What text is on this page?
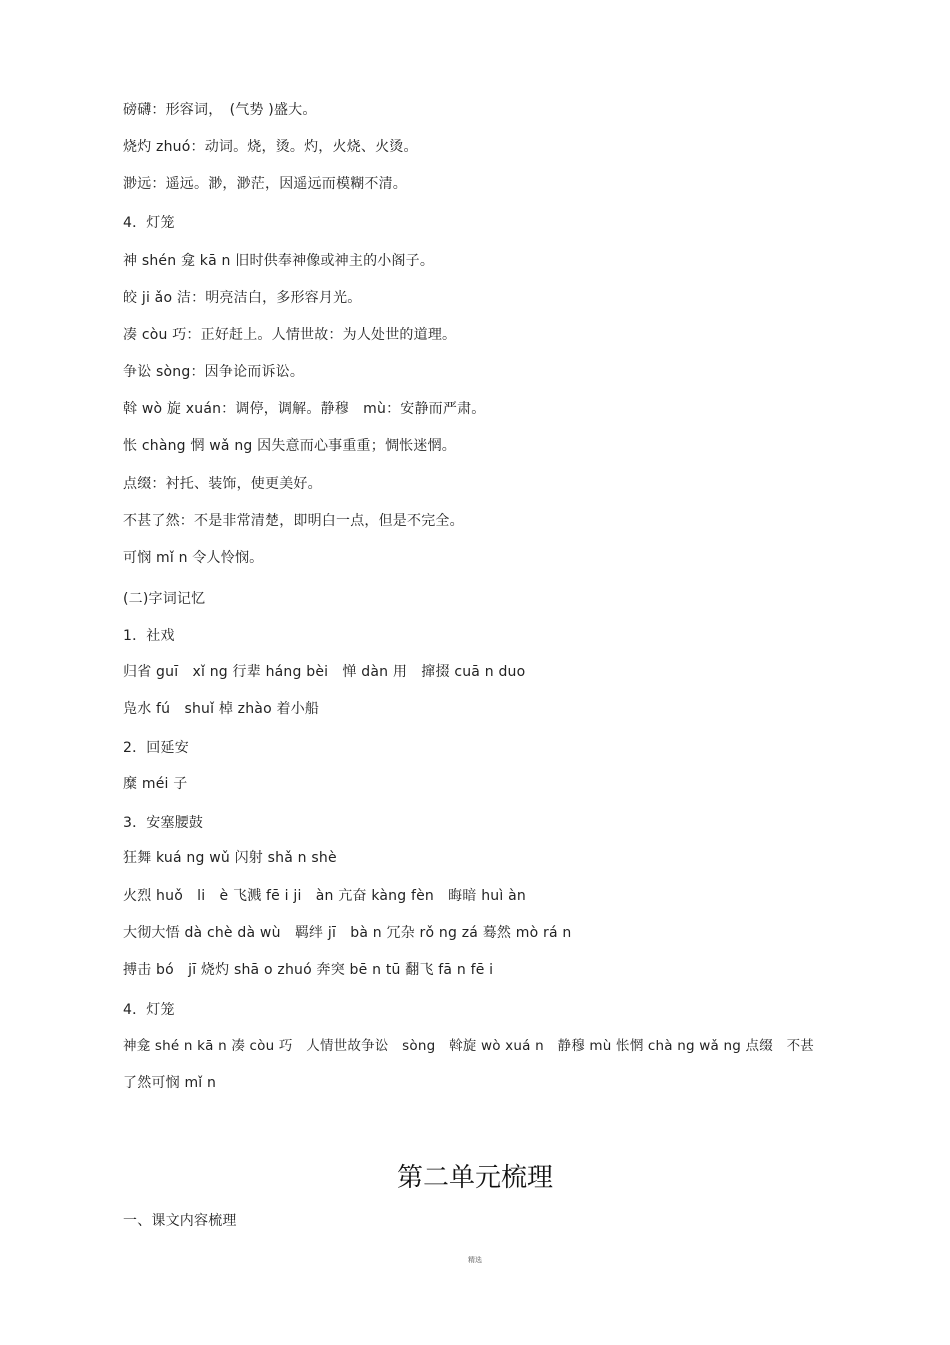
磅礴：形容词，　(气势 )盛大。
烧灼 zhuó：动词。烧，烫。灼，火烧、火烫。
渺远：遥远。渺，渺茫，因遥远而模糊不清。
4．灯笼
神 shén 龛 kā n 旧时供奉神像或神主的小阁子。
皎 ji ǎo 洁：明亮洁白，多形容月光。
凑 còu 巧：正好赶上。人情世故：为人处世的道理。
争讼 sòng：因争论而诉讼。
斡 wò 旋 xuán：调停，调解。静穆　mù：安静而严肃。
怅 chàng 惘 wǎ ng 因失意而心事重重；惆怅迷惘。
点缀：衬托、装饰，使更美好。
不甚了然：不是非常清楚，即明白一点，但是不完全。
可悯 mǐ n 令人怜悯。
(二)字词记忆
1．社戏
归省 guī　xǐ ng 行辈 háng bèi　惮 dàn 用　撺掇 cuā n duo
凫水 fú　shuǐ 棹 zhào 着小船
2．回延安
糜 méi 子
3．安塞腰鼓
狂舞 kuá ng wǔ 闪射 shǎ n shè
火烈 huǒ　li　è 飞溅 fē i ji　àn 亢奋 kàng fèn　晦暗 huì àn
大彻大悟 dà chè dà wù　羁绊 jī　bà n 冗杂 rǒ ng zá 蓦然 mò rá n
搏击 bó　jī 烧灼 shā o zhuó 奔突 bē n tū 翻飞 fā n fē i
4．灯笼
神龛 shé n kā n 凑 còu 巧　人情世故争讼　sòng　斡旋 wò xuá n　静穆 mù 怅惘 chà ng wǎ ng 点缀　不甚
了然可悯 mǐ n
第二单元梳理
一、课文内容梳理
精选
